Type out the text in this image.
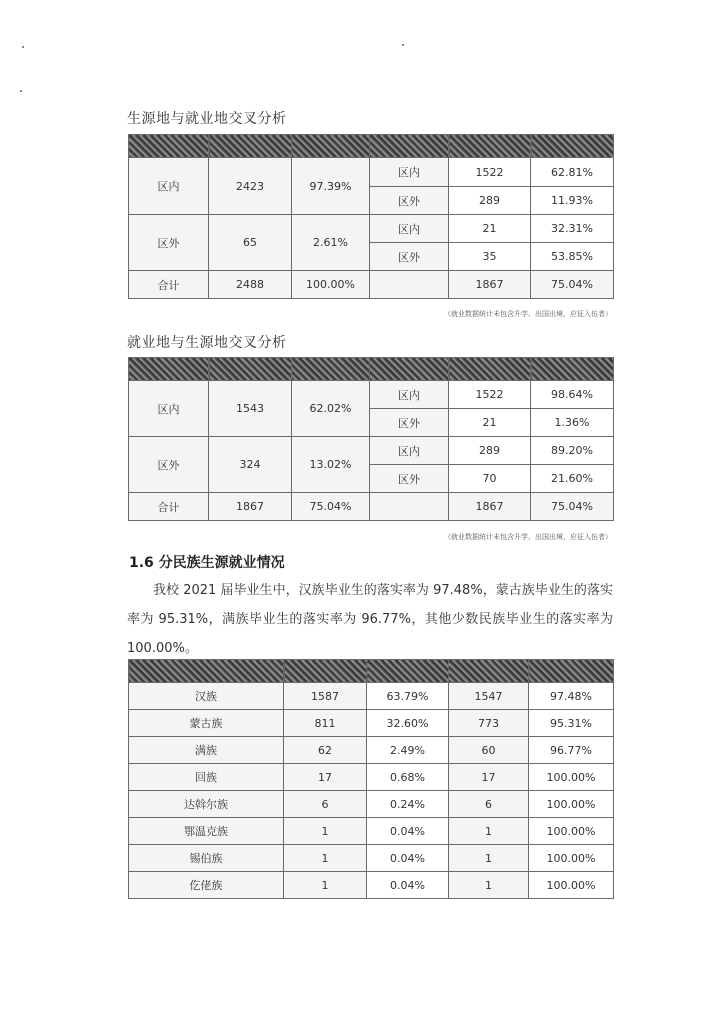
生源地与就业地交叉分析

区内	2423	97.39%	区内	1522	62.81%
			区外	289	11.93%
区外	65	2.61%	区内	21	32.31%
			区外	35	53.85%
合计	2488	100.00%		1867	75.04%
（就业数据统计未包含升学、出国出境、应征入伍者）
就业地与生源地交叉分析

区内	1543	62.02%	区内	1522	98.64%
			区外	21	1.36%
区外	324	13.02%	区内	289	89.20%
			区外	70	21.60%
合计	1867	75.04%		1867	75.04%
（就业数据统计未包含升学、出国出境、应征入伍者）
1.6 分民族生源就业情况
我校 2021 届毕业生中，汉族毕业生的落实率为 97.48%，蒙古族毕业生的落实率为 95.31%，满族毕业生的落实率为 96.77%，其他少数民族毕业生的落实率为 100.00%。

汉族	1587	63.79%	1547	97.48%
蒙古族	811	32.60%	773	95.31%
满族	62	2.49%	60	96.77%
回族	17	0.68%	17	100.00%
达斡尔族	6	0.24%	6	100.00%
鄂温克族	1	0.04%	1	100.00%
锡伯族	1	0.04%	1	100.00%
仡佬族	1	0.04%	1	100.00%
